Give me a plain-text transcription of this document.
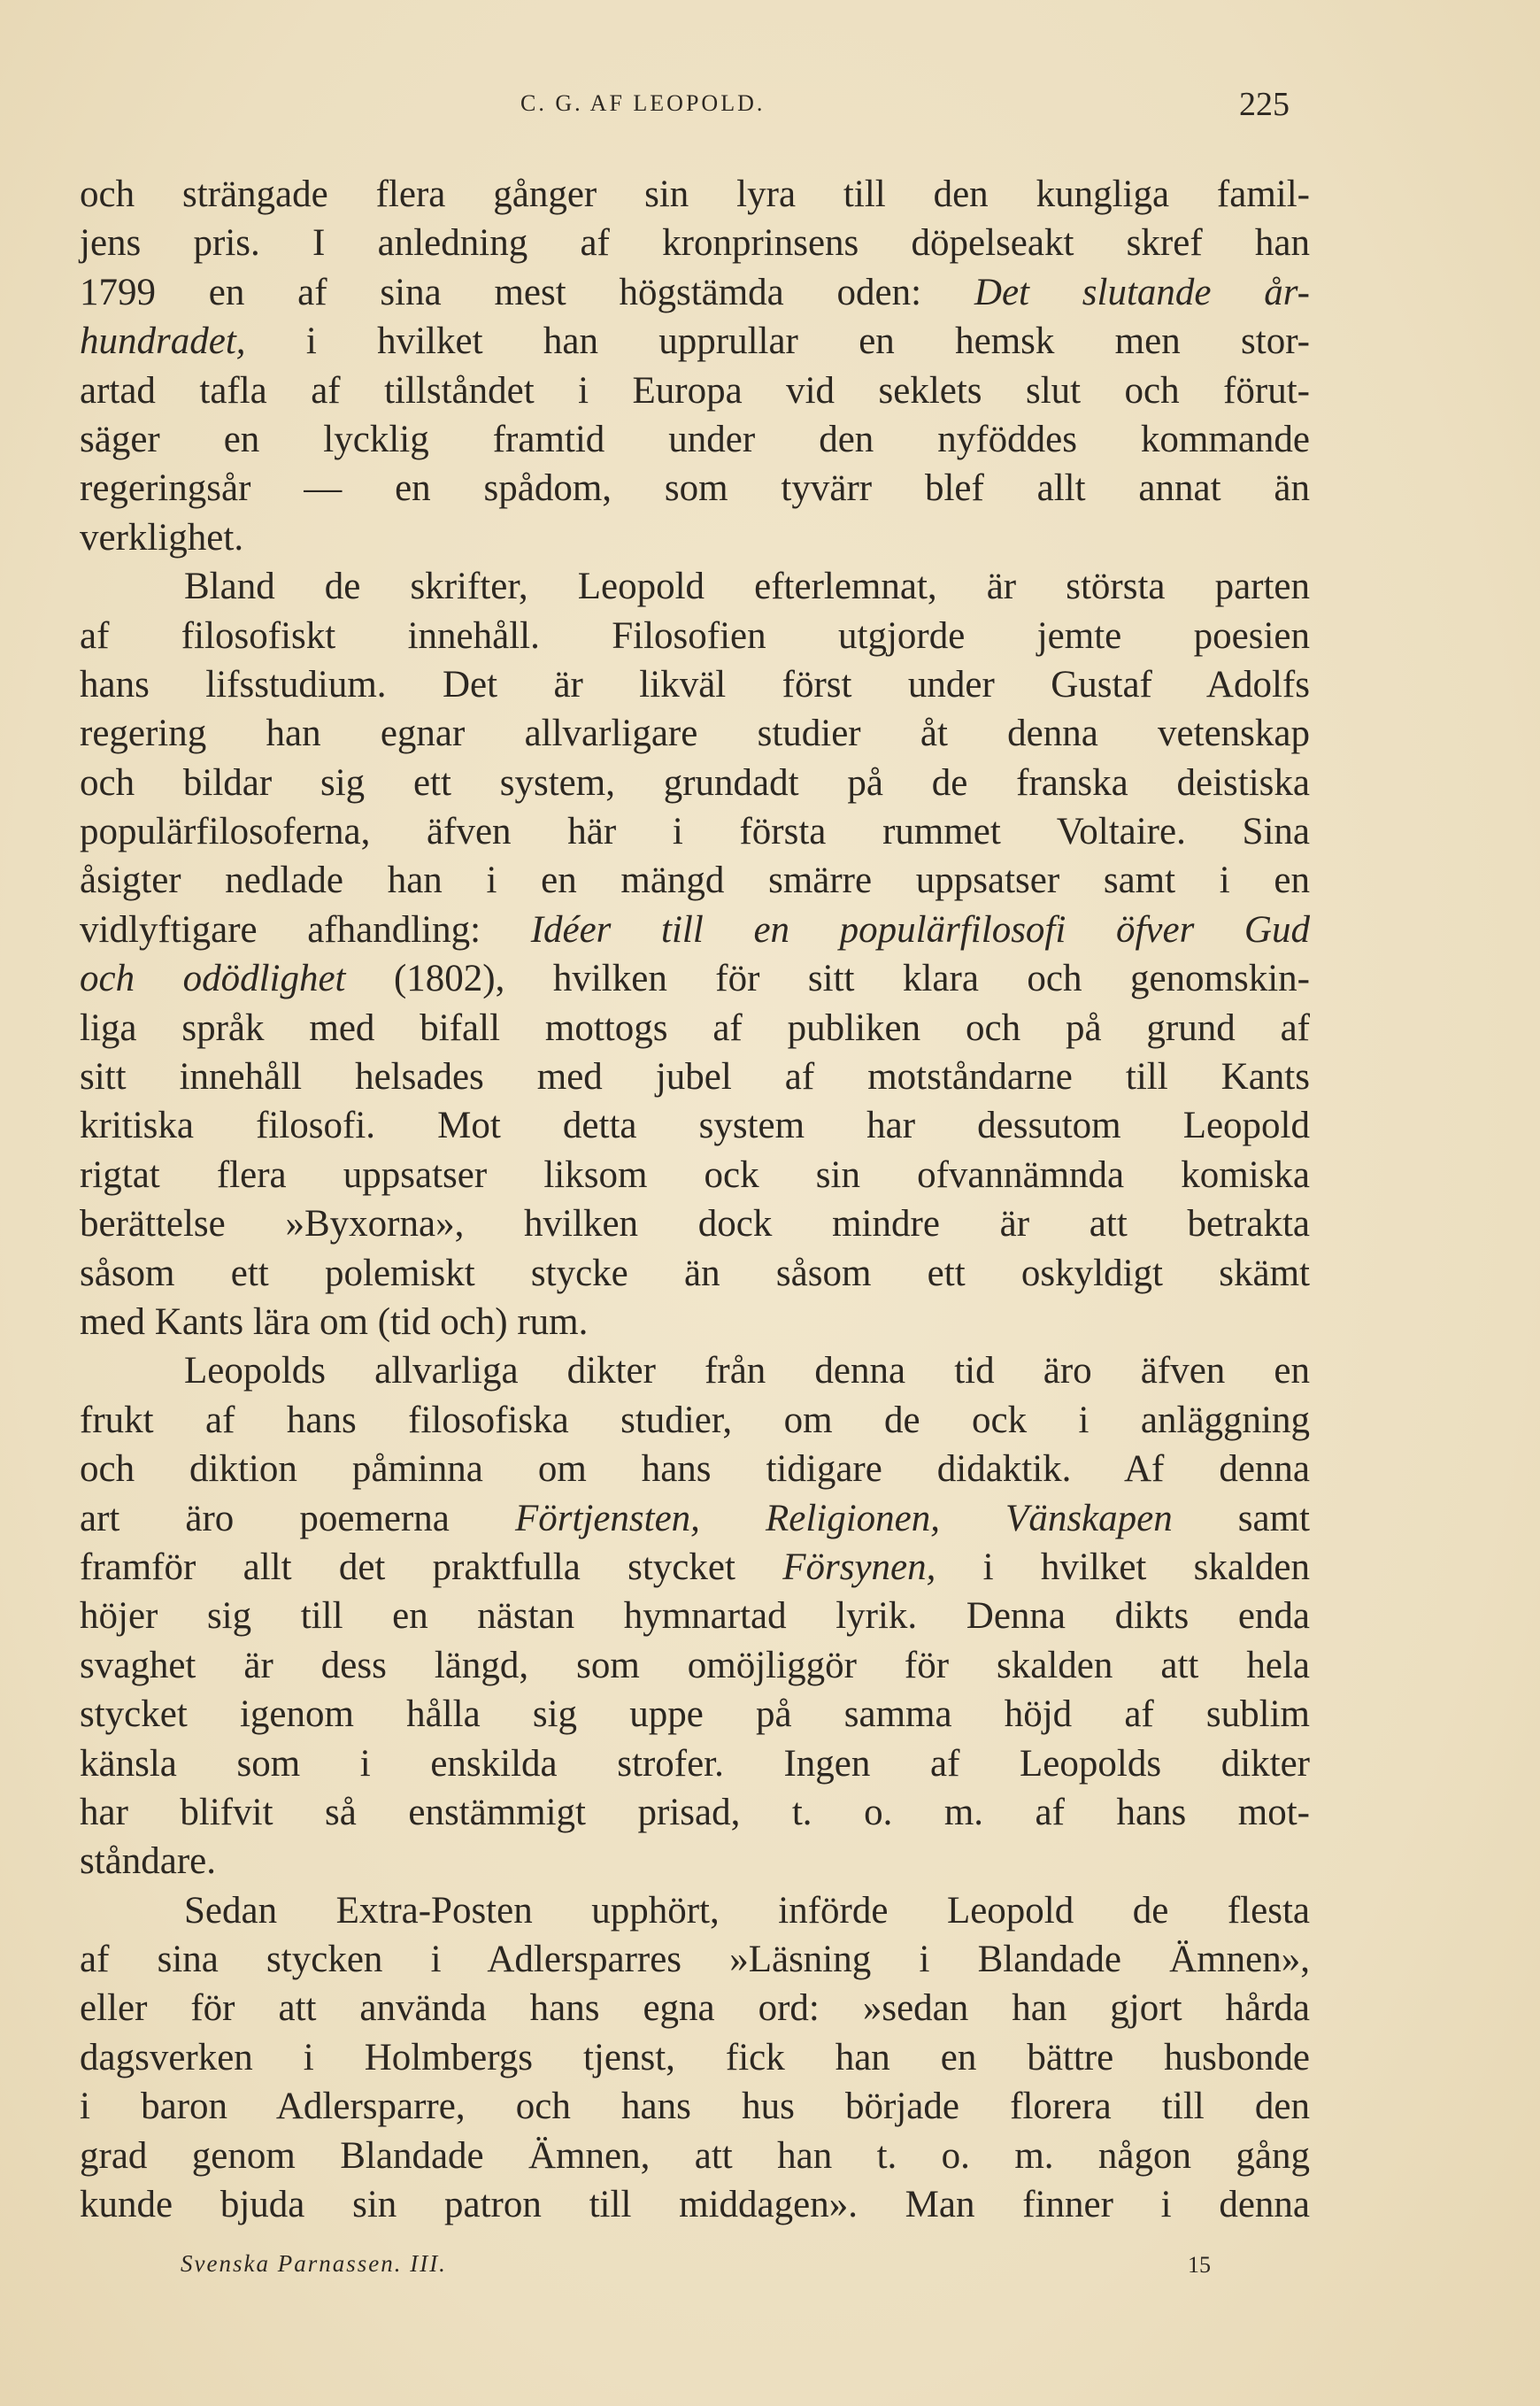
C. G. AF LEOPOLD.	225
och strängade flera gånger sin lyra till den kungliga famil-
jens pris. I anledning af kronprinsens döpelseakt skref han
1799 en af sina mest högstämda oden: Det slutande år-
hundradet, i hvilket han upprullar en hemsk men stor-
artad tafla af tillståndet i Europa vid seklets slut och förut-
säger en lycklig framtid under den nyföddes kommande
regeringsår — en spådom, som tyvärr blef allt annat än
verklighet.
Bland de skrifter, Leopold efterlemnat, är största parten
af filosofiskt innehåll. Filosofien utgjorde jemte poesien
hans lifsstudium. Det är likväl först under Gustaf Adolfs
regering han egnar allvarligare studier åt denna vetenskap
och bildar sig ett system, grundadt på de franska deistiska
populärfilosoferna, äfven här i första rummet Voltaire. Sina
åsigter nedlade han i en mängd smärre uppsatser samt i en
vidlyftigare afhandling: Idéer till en populärfilosofi öfver Gud
och odödlighet (1802), hvilken för sitt klara och genomskin-
liga språk med bifall mottogs af publiken och på grund af
sitt innehåll helsades med jubel af motståndarne till Kants
kritiska filosofi. Mot detta system har dessutom Leopold
rigtat flera uppsatser liksom ock sin ofvannämnda komiska
berättelse »Byxorna», hvilken dock mindre är att betrakta
såsom ett polemiskt stycke än såsom ett oskyldigt skämt
med Kants lära om (tid och) rum.
Leopolds allvarliga dikter från denna tid äro äfven en
frukt af hans filosofiska studier, om de ock i anläggning
och diktion påminna om hans tidigare didaktik. Af denna
art äro poemerna Förtjensten, Religionen, Vänskapen samt
framför allt det praktfulla stycket Försynen, i hvilket skalden
höjer sig till en nästan hymnartad lyrik. Denna dikts enda
svaghet är dess längd, som omöjliggör för skalden att hela
stycket igenom hålla sig uppe på samma höjd af sublim
känsla som i enskilda strofer. Ingen af Leopolds dikter
har blifvit så enstämmigt prisad, t. o. m. af hans mot-
ståndare.
Sedan Extra-Posten upphört, införde Leopold de flesta
af sina stycken i Adlersparres »Läsning i Blandade Ämnen»,
eller för att använda hans egna ord: »sedan han gjort hårda
dagsverken i Holmbergs tjenst, fick han en bättre husbonde
i baron Adlersparre, och hans hus började florera till den
grad genom Blandade Ämnen, att han t. o. m. någon gång
kunde bjuda sin patron till middagen». Man finner i denna
Svenska Parnassen. III.	15
